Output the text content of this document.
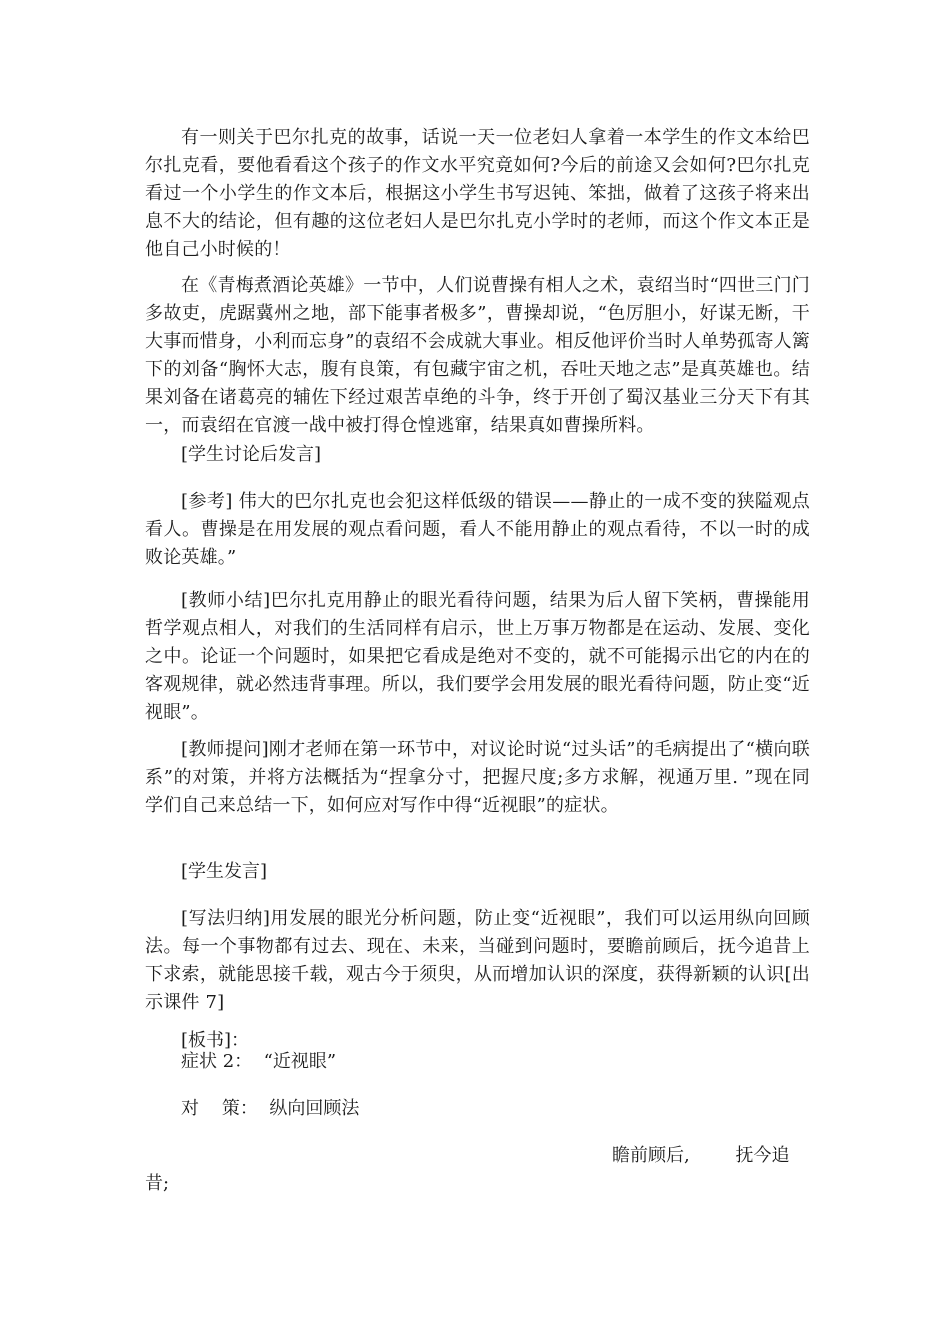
有一则关于巴尔扎克的故事，话说一天一位老妇人拿着一本学生的作文本给巴尔扎克看，要他看看这个孩子的作文水平究竟如何?今后的前途又会如何?巴尔扎克看过一个小学生的作文本后，根据这小学生书写迟钝、笨拙，做着了这孩子将来出息不大的结论，但有趣的这位老妇人是巴尔扎克小学时的老师，而这个作文本正是他自己小时候的！

在《青梅煮酒论英雄》一节中，人们说曹操有相人之术，袁绍当时“四世三门门多故吏，虎踞冀州之地，部下能事者极多”，曹操却说，“色厉胆小，好谋无断，干大事而惜身，小利而忘身”的袁绍不会成就大事业。相反他评价当时人单势孤寄人篱下的刘备“胸怀大志，腹有良策，有包藏宇宙之机，吞吐天地之志”是真英雄也。结果刘备在诸葛亮的辅佐下经过艰苦卓绝的斗争，终于开创了蜀汉基业三分天下有其一，而袁绍在官渡一战中被打得仓惶逃窜，结果真如曹操所料。

[学生讨论后发言]

[参考] 伟大的巴尔扎克也会犯这样低级的错误——静止的一成不变的狭隘观点看人。曹操是在用发展的观点看问题，看人不能用静止的观点看待，不以一时的成败论英雄。”

[教师小结]巴尔扎克用静止的眼光看待问题，结果为后人留下笑柄，曹操能用哲学观点相人，对我们的生活同样有启示，世上万事万物都是在运动、发展、变化之中。论证一个问题时，如果把它看成是绝对不变的，就不可能揭示出它的内在的客观规律，就必然违背事理。所以，我们要学会用发展的眼光看待问题，防止变“近视眼”。

[教师提问]刚才老师在第一环节中，对议论时说“过头话”的毛病提出了“横向联系”的对策，并将方法概括为“捏拿分寸，把握尺度;多方求解，视通万里. ”现在同学们自己来总结一下，如何应对写作中得“近视眼”的症状。

[学生发言]

[写法归纳]用发展的眼光分析问题，防止变“近视眼”，我们可以运用纵向回顾法。每一个事物都有过去、现在、未来，当碰到问题时，要瞻前顾后，抚今追昔上下求索，就能思接千载，观古今于须臾，从而增加认识的深度，获得新颖的认识[出示课件 7]

[板书]：

症状 2：  “近视眼”

对    策：  纵向回顾法

瞻前顾后,        抚今追
昔;
